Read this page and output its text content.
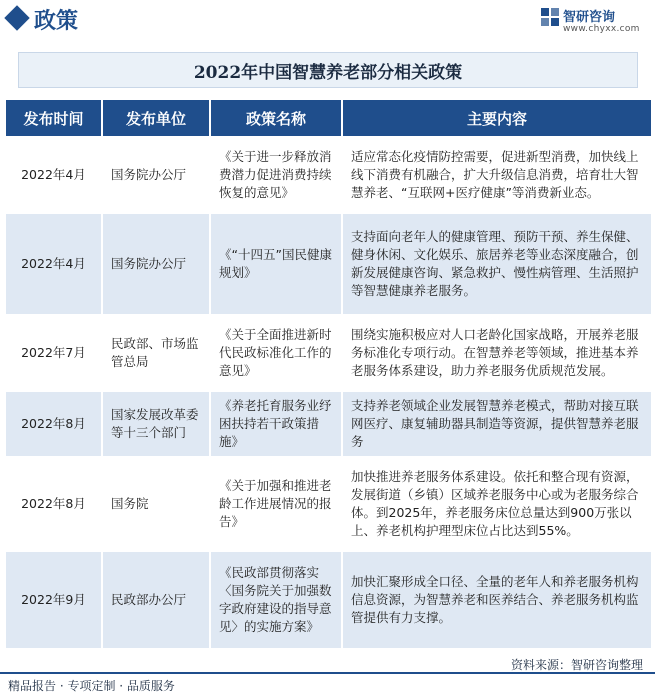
政策	智研咨询
www.chyxx.com
2022年中国智慧养老部分相关政策
发布时间	发布单位	政策名称	主要内容
2022年4月	国务院办公厅	《关于进一步释放消费潜力促进消费持续恢复的意见》	适应常态化疫情防控需要，促进新型消费，加快线上线下消费有机融合，扩大升级信息消费，培育壮大智慧养老、“互联网+医疗健康”等消费新业态。
2022年4月	国务院办公厅	《“十四五”国民健康规划》	支持面向老年人的健康管理、预防干预、养生保健、健身休闲、文化娱乐、旅居养老等业态深度融合，创新发展健康咨询、紧急救护、慢性病管理、生活照护等智慧健康养老服务。
2022年7月	民政部、市场监管总局	《关于全面推进新时代民政标准化工作的意见》	围绕实施积极应对人口老龄化国家战略，开展养老服务标准化专项行动。在智慧养老等领域，推进基本养老服务体系建设，助力养老服务优质规范发展。
2022年8月	国家发展改革委等十三个部门	《养老托育服务业纾困扶持若干政策措施》	支持养老领域企业发展智慧养老模式，帮助对接互联网医疗、康复辅助器具制造等资源，提供智慧养老服务
2022年8月	国务院	《关于加强和推进老龄工作进展情况的报告》	加快推进养老服务体系建设。依托和整合现有资源，发展街道（乡镇）区域养老服务中心或为老服务综合体。到2025年，养老服务床位总量达到900万张以上、养老机构护理型床位占比达到55%。
2022年9月	民政部办公厅	《民政部贯彻落实〈国务院关于加强数字政府建设的指导意见〉的实施方案》	加快汇聚形成全口径、全量的老年人和养老服务机构信息资源，为智慧养老和医养结合、养老服务机构监管提供有力支撑。
精品报告 · 专项定制 · 品质服务
资料来源：智研咨询整理
